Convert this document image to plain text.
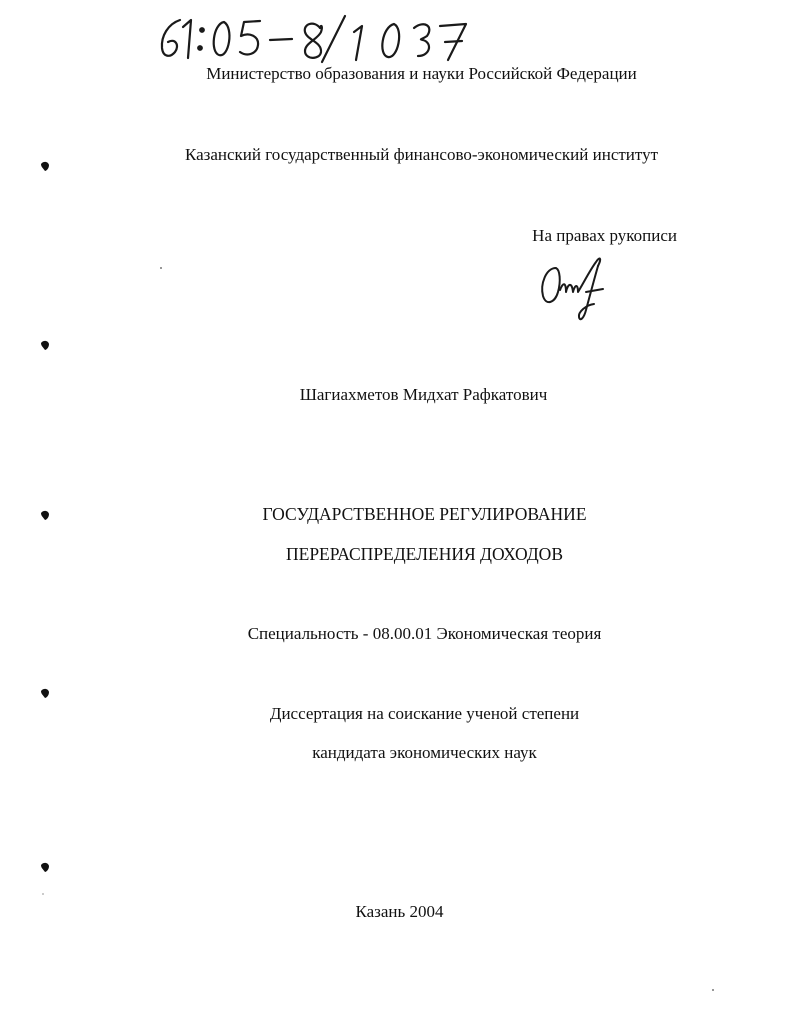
Министерство образования и науки Российской Федерации
Казанский государственный финансово-экономический институт
На правах рукописи
Шагиахметов Мидхат Рафкатович
ГОСУДАРСТВЕННОЕ РЕГУЛИРОВАНИЕ
ПЕРЕРАСПРЕДЕЛЕНИЯ ДОХОДОВ
Специальность - 08.00.01 Экономическая теория
Диссертация на соискание ученой степени
кандидата экономических наук
Казань 2004
